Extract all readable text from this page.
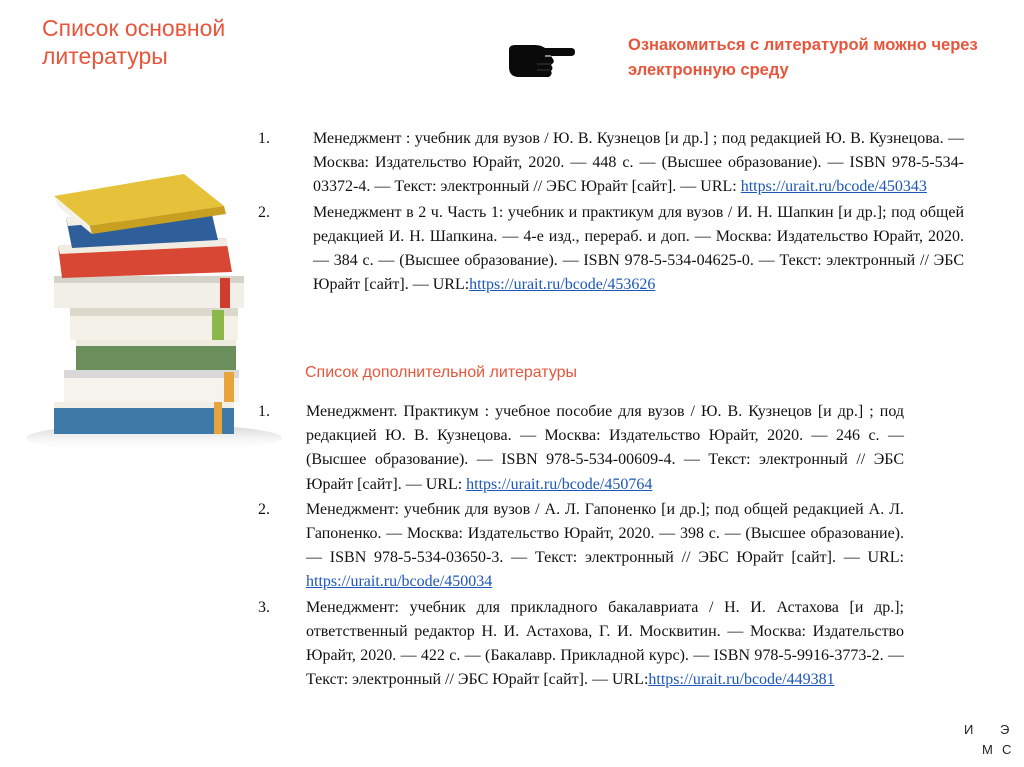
Список основной литературы	Ознакомиться с литературой можно через электронную среду
1.	Менеджмент : учебник для вузов / Ю. В. Кузнецов [и др.] ; под редакцией Ю. В. Кузнецова. — Москва: Издательство Юрайт, 2020. — 448 с. — (Высшее образование). — ISBN 978-5-534-03372-4. — Текст: электронный // ЭБС Юрайт [сайт]. — URL: https://urait.ru/bcode/450343

2.	Менеджмент в 2 ч. Часть 1: учебник и практикум для вузов / И. Н. Шапкин [и др.]; под общей редакцией И. Н. Шапкина. — 4-е изд., перераб. и доп. — Москва: Издательство Юрайт, 2020. — 384 с. — (Высшее образование). — ISBN 978-5-534-04625-0. — Текст: электронный // ЭБС Юрайт [сайт]. — URL:https://urait.ru/bcode/453626

Список дополнительной литературы
1. Менеджмент. Практикум : учебное пособие для вузов / Ю. В. Кузнецов [и др.] ; под редакцией Ю. В. Кузнецова. — Москва: Издательство Юрайт, 2020. — 246 с. — (Высшее образование). — ISBN 978-5-534-00609-4. — Текст: электронный // ЭБС Юрайт [сайт]. — URL: https://urait.ru/bcode/450764

2. Менеджмент: учебник для вузов / А. Л. Гапоненко [и др.]; под общей редакцией А. Л. Гапоненко. — Москва: Издательство Юрайт, 2020. — 398 с. — (Высшее образование). — ISBN 978-5-534-03650-3. — Текст: электронный // ЭБС Юрайт [сайт]. — URL: https://urait.ru/bcode/450034

3. Менеджмент: учебник для прикладного бакалавриата / Н. И. Астахова [и др.]; ответственный редактор Н. И. Астахова, Г. И. Москвитин. — Москва: Издательство Юрайт, 2020. — 422 с. — (Бакалавр. Прикладной курс). — ISBN 978-5-9916-3773-2. — Текст: электронный // ЭБС Юрайт [сайт]. — URL:https://urait.ru/bcode/449381

И Э
М С
